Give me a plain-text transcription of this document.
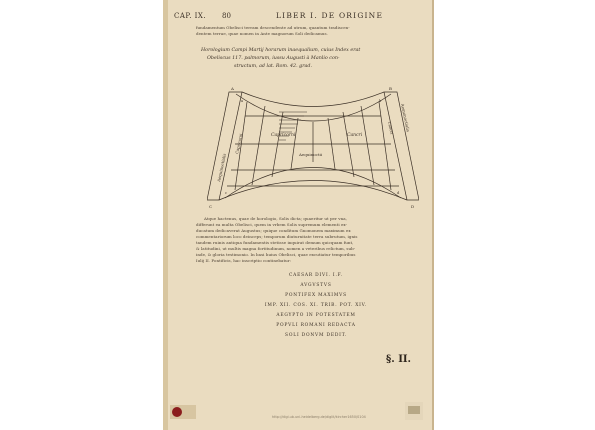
CAP. IX. 80	LIBER I. DE ORIGINE
fundamentum Obelisci terram descendente ad utrum, quantum tradiscen-
dentem terrae, quae nomen in Ante magnorum Soli dedicamus.
Horologium Campi Martij horarum inaequalium, cuius Index erat
Obeliscus 117. palmorum, iussu Augusti à Manlio con-
structum, ad lat. Rom. 42. grad.
Capricorni	Cancri
Aequinoctii
Aequinoctialis
Aequinoctialis
Capricorni
Cancri
A	B
C	D
a	b
c	d
Atque hactenus, quae de horologio, Solis dicta; quaeritur ut per vna,
differunt ea multa Obelisci, quem in vrbem Solis supremum elementi ex-
ducatum dedicaverat Augustus; quique conditum Gnomonem maximum ex
commentariorum loco deinceps; temporum diuturnitate terra subrutum, ignis
tandem ruinis antiqua fundamentis stetisse inquirat demum quicquam funt,
& latitudini, ut multis magna fortitudinum, nomen a veteribus relictum, sub-
inde, & gloria testimonio. In basi huius Obelisci, quae excutiatur temporibus
Iulij II. Pontificis, hac inscriptio continebatur:
CAESAR DIVI. I.F.
AVGVSTVS
PONTIFEX MAXIMVS
IMP. XII. COS. XI. TRIB. POT. XIV.
AEGYPTO IN POTESTATEM
POPVLI ROMANI REDACTA
SOLI DONVM DEDIT.
§. II.
http://digi.ub.uni-heidelberg.de/diglit/kircher1650/0104
